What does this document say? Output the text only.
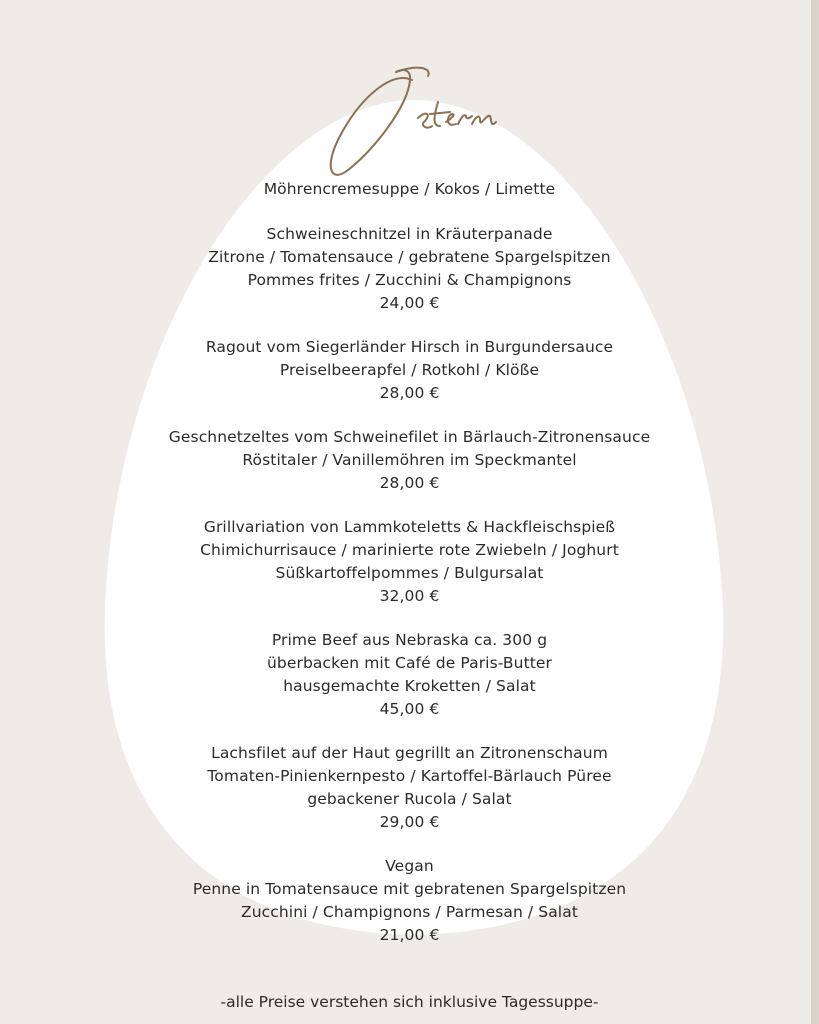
Möhrencremesuppe / Kokos / Limette
Schweineschnitzel in Kräuterpanade
Zitrone / Tomatensauce / gebratene Spargelspitzen
Pommes frites / Zucchini & Champignons
24,00 €
Ragout vom Siegerländer Hirsch in Burgundersauce
Preiselbeerapfel / Rotkohl / Klöße
28,00 €
Geschnetzeltes vom Schweinefilet in Bärlauch-Zitronensauce
Röstitaler / Vanillemöhren im Speckmantel
28,00 €
Grillvariation von Lammkoteletts & Hackfleischspieß
Chimichurrisauce / marinierte rote Zwiebeln / Joghurt
Süßkartoffelpommes / Bulgursalat
32,00 €
Prime Beef aus Nebraska ca. 300 g
überbacken mit Café de Paris-Butter
hausgemachte Kroketten / Salat
45,00 €
Lachsfilet auf der Haut gegrillt an Zitronenschaum
Tomaten-Pinienkernpesto / Kartoffel-Bärlauch Püree
gebackener Rucola / Salat
29,00 €
Vegan
Penne in Tomatensauce mit gebratenen Spargelspitzen
Zucchini / Champignons / Parmesan / Salat
21,00 €
-alle Preise verstehen sich inklusive Tagessuppe-
